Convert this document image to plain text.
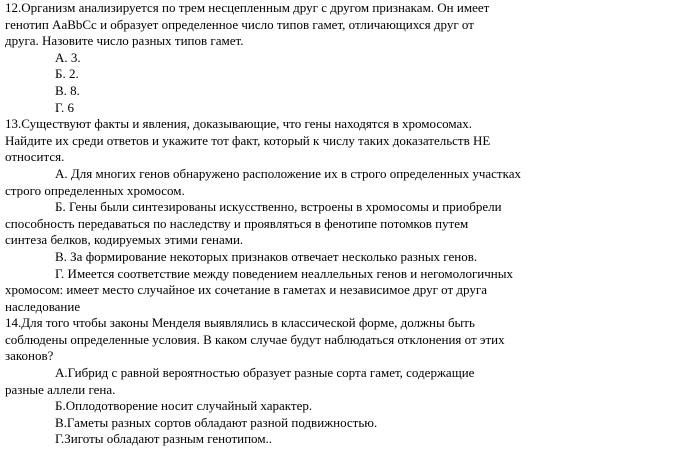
12.Организм анализируется по трем несцепленным друг с другом признакам. Он имеет
генотип AaBbCc и образует определенное число типов гамет, отличающихся друг от
друга. Назовите число разных типов гамет.
А. 3.
Б. 2.
В. 8.
Г. 6
13.Существуют факты и явления, доказывающие, что гены находятся в хромосомах.
Найдите их среди ответов и укажите тот факт, который к числу таких доказательств НЕ
относится.
А. Для многих генов обнаружено расположение их в строго определенных участках
строго определенных хромосом.
Б. Гены были синтезированы искусственно, встроены в хромосомы и приобрели
способность передаваться по наследству и проявляться в фенотипе потомков путем
синтеза белков, кодируемых этими генами.
В. За формирование некоторых признаков отвечает несколько разных генов.
Г. Имеется соответствие между поведением неаллельных генов и негомологичных
хромосом: имеет место случайное их сочетание в гаметах и независимое друг от друга
наследование
14.Для того чтобы законы Менделя выявлялись в классической форме, должны быть
соблюдены определенные условия. В каком случае будут наблюдаться отклонения от этих
законов?
А.Гибрид с равной вероятностью образует разные сорта гамет, содержащие
разные аллели гена.
Б.Оплодотворение носит случайный характер.
В.Гаметы разных сортов обладают разной подвижностью.
Г.Зиготы обладают разным генотипом..
